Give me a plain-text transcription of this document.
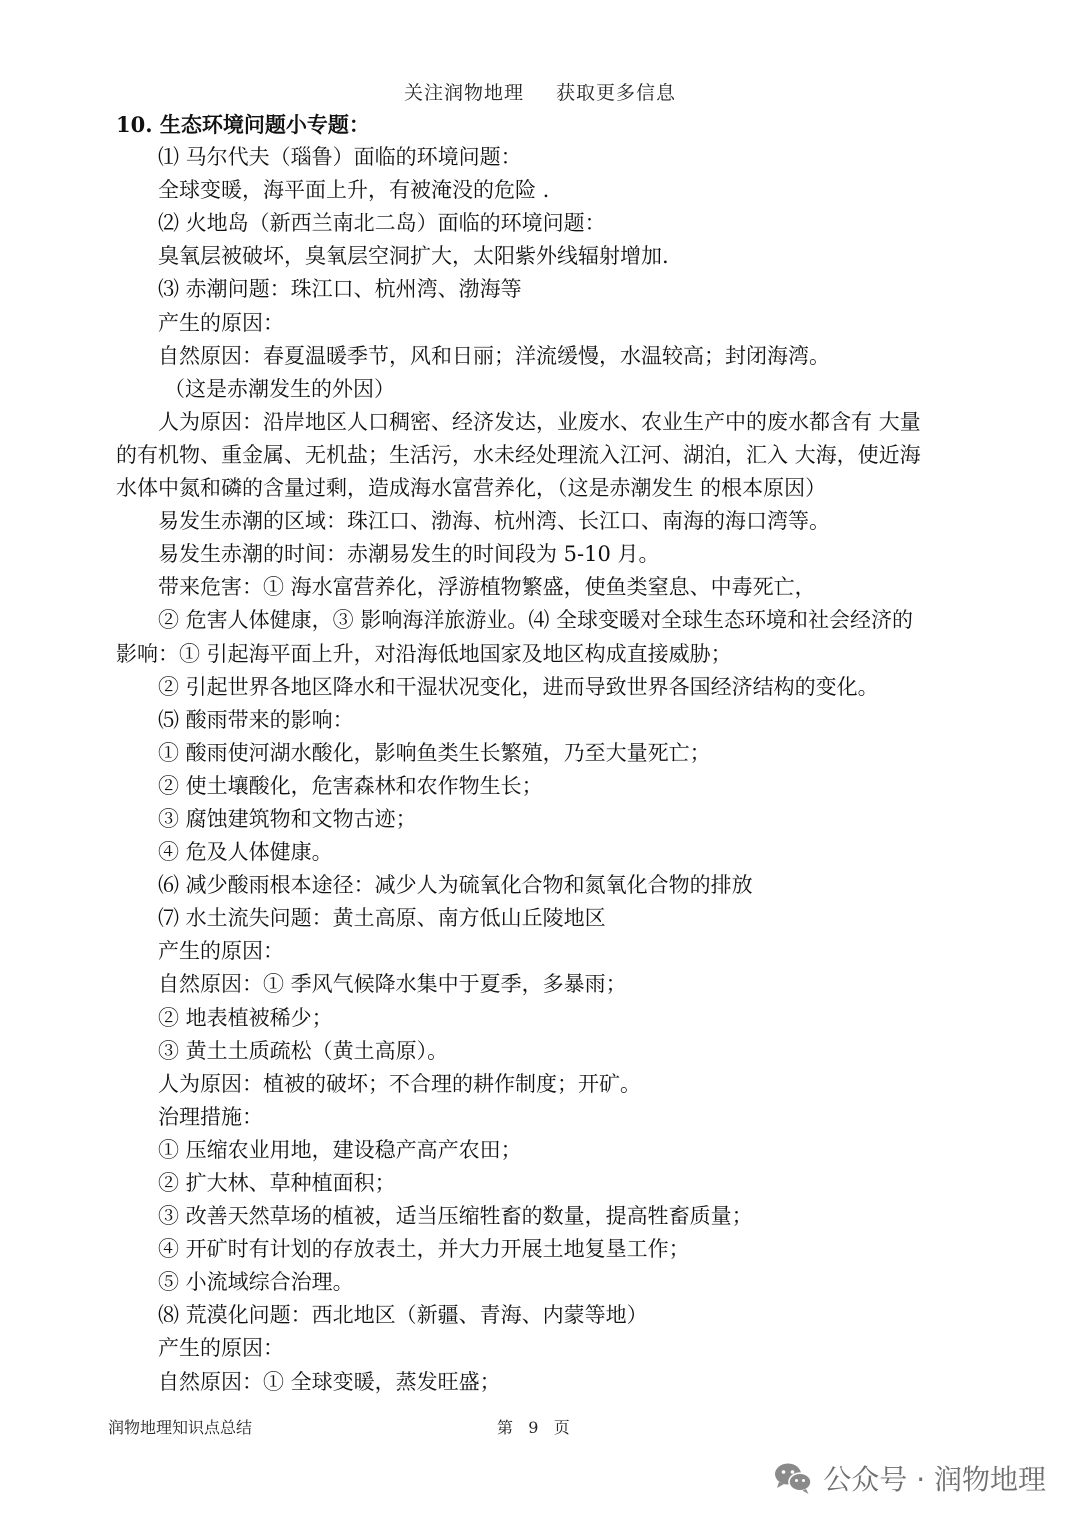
关注润物地理 获取更多信息
10. 生态环境问题小专题：
⑴ 马尔代夫（瑙鲁）面临的环境问题：
全球变暖，海平面上升，有被淹没的危险 .
⑵ 火地岛（新西兰南北二岛）面临的环境问题：
臭氧层被破坏，臭氧层空洞扩大，太阳紫外线辐射增加.
⑶ 赤潮问题：珠江口、杭州湾、渤海等
产生的原因：
自然原因：春夏温暖季节，风和日丽；洋流缓慢，水温较高；封闭海湾。
（这是赤潮发生的外因）
人为原因：沿岸地区人口稠密、经济发达，业废水、农业生产中的废水都含有 大量
的有机物、重金属、无机盐；生活污，水未经处理流入江河、湖泊，汇入 大海，使近海
水体中氮和磷的含量过剩，造成海水富营养化，（这是赤潮发生 的根本原因）
易发生赤潮的区域：珠江口、渤海、杭州湾、长江口、南海的海口湾等。
易发生赤潮的时间：赤潮易发生的时间段为 5-10 月。
带来危害：① 海水富营养化，浮游植物繁盛，使鱼类窒息、中毒死亡，
② 危害人体健康，③ 影响海洋旅游业。⑷ 全球变暖对全球生态环境和社会经济的
影响：① 引起海平面上升，对沿海低地国家及地区构成直接威胁；
② 引起世界各地区降水和干湿状况变化，进而导致世界各国经济结构的变化。
⑸ 酸雨带来的影响：
① 酸雨使河湖水酸化，影响鱼类生长繁殖，乃至大量死亡；
② 使土壤酸化，危害森林和农作物生长；
③ 腐蚀建筑物和文物古迹；
④ 危及人体健康。
⑹ 减少酸雨根本途径：减少人为硫氧化合物和氮氧化合物的排放
⑺ 水土流失问题：黄土高原、南方低山丘陵地区
产生的原因：
自然原因：① 季风气候降水集中于夏季，多暴雨；
② 地表植被稀少；
③ 黄土土质疏松（黄土高原）。
人为原因：植被的破坏；不合理的耕作制度；开矿。
治理措施：
① 压缩农业用地，建设稳产高产农田；
② 扩大林、草种植面积；
③ 改善天然草场的植被，适当压缩牲畜的数量，提高牲畜质量；
④ 开矿时有计划的存放表土，并大力开展土地复垦工作；
⑤ 小流域综合治理。
⑻ 荒漠化问题：西北地区（新疆、青海、内蒙等地）
产生的原因：
自然原因：① 全球变暖，蒸发旺盛；
润物地理知识点总结	第 9 页
公众号 · 润物地理
